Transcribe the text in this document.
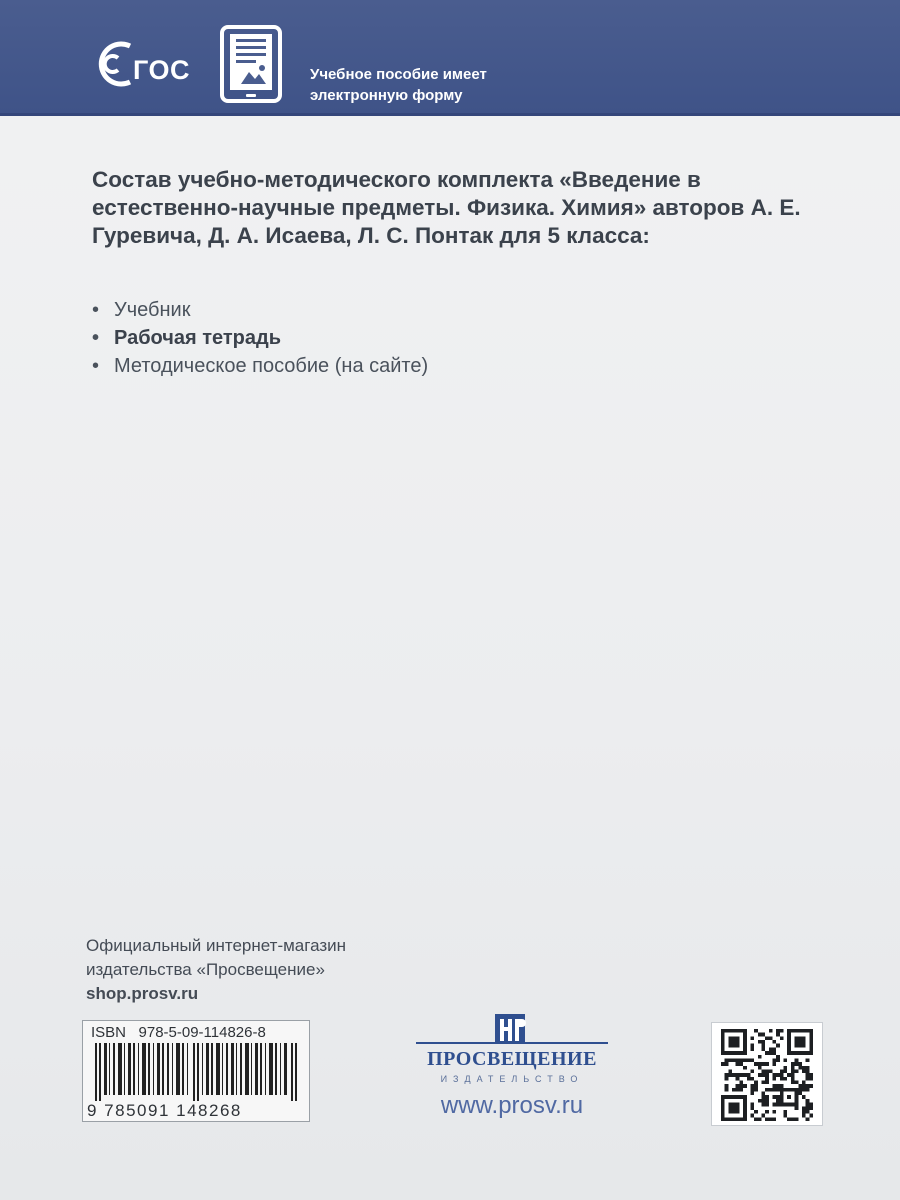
ГОС	Учебное пособие имеет
электронную форму

Состав учебно-методического комплекта «Введение в естественно-научные предметы. Физика. Химия» авторов А. Е. Гуревича, Д. А. Исаева, Л. С. Понтак для 5 класса:

• Учебник
• Рабочая тетрадь
• Методическое пособие (на сайте)
Официальный интернет-магазин
издательства «Просвещение»
shop.prosv.ru
ISBN   978-5-09-114826-8
9 785091 148268
ПРОСВЕЩЕНИЕ
ИЗДАТЕЛЬСТВО
www.prosv.ru
